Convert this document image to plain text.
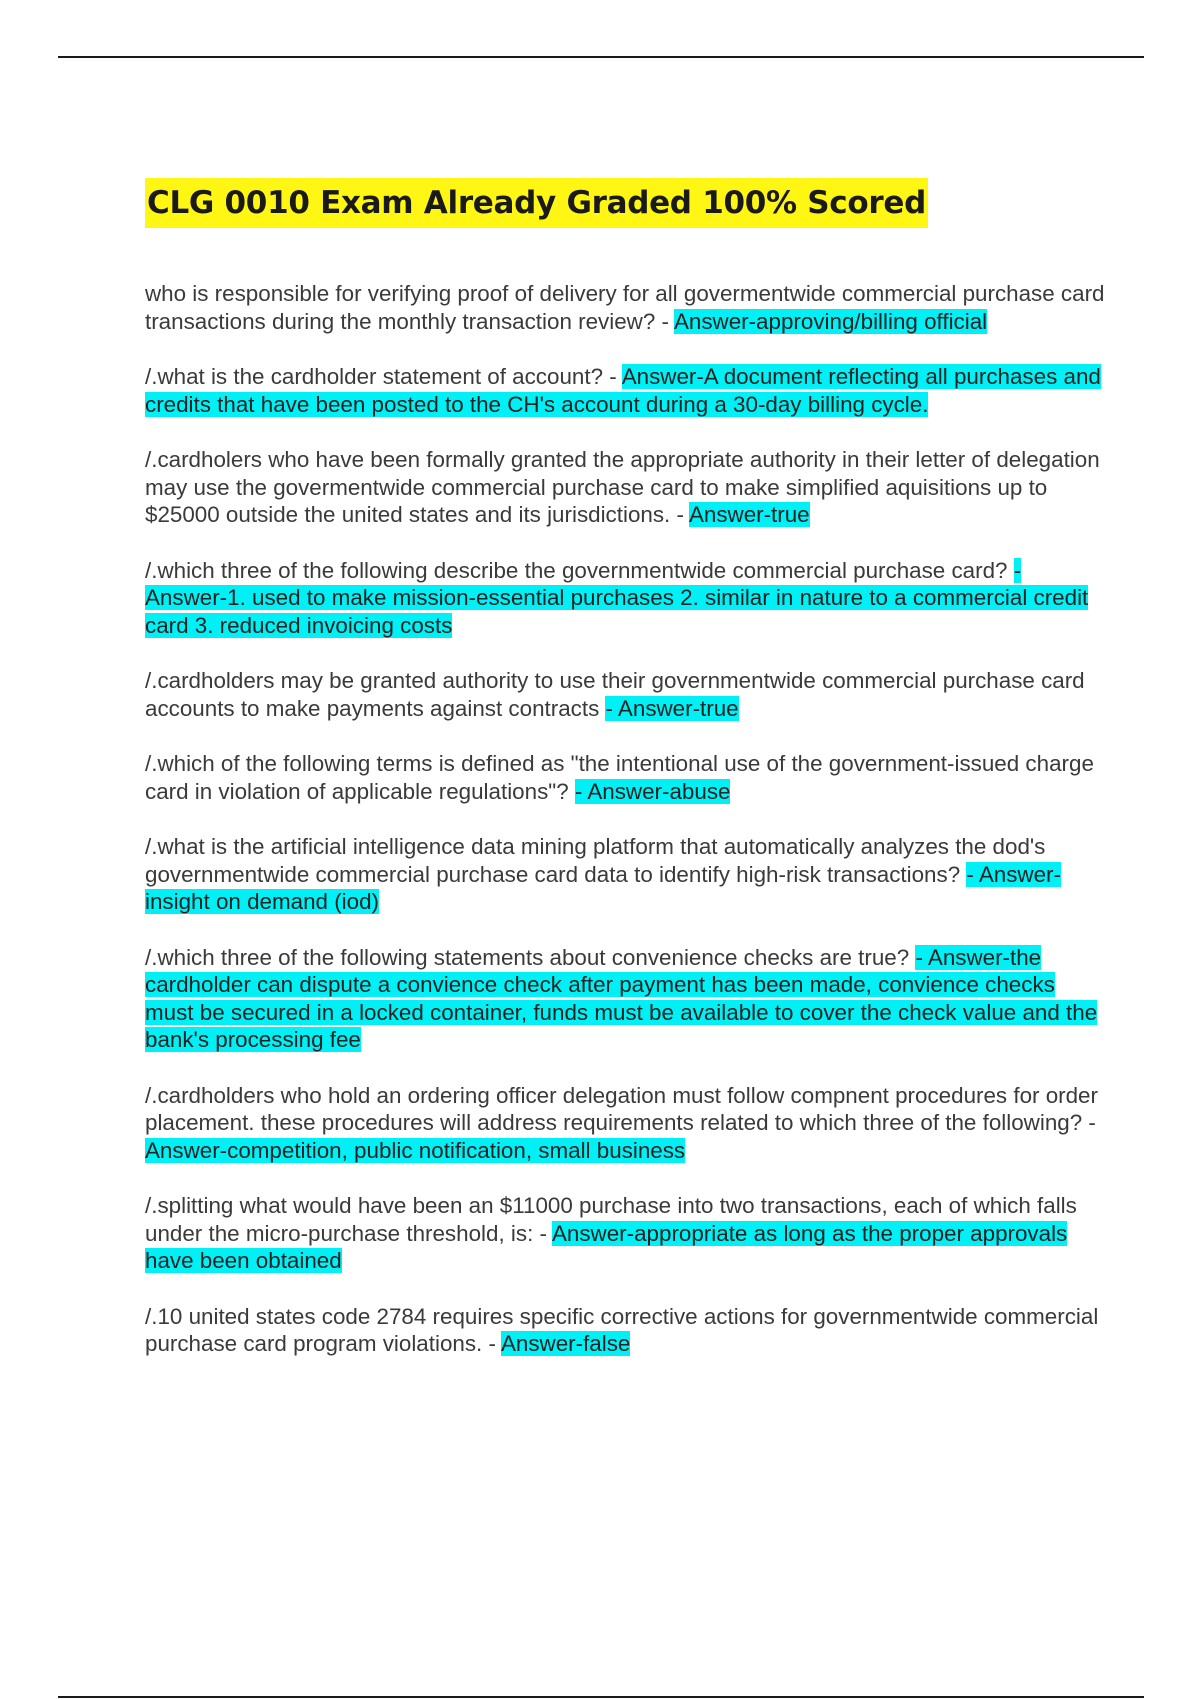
CLG 0010 Exam Already Graded 100% Scored

who is responsible for verifying proof of delivery for all govermentwide commercial purchase card transactions during the monthly transaction review? - Answer-approving/billing official

/.what is the cardholder statement of account? - Answer-A document reflecting all purchases and credits that have been posted to the CH's account during a 30-day billing cycle.

/.cardholers who have been formally granted the appropriate authority in their letter of delegation may use the govermentwide commercial purchase card to make simplified aquisitions up to $25000 outside the united states and its jurisdictions. - Answer-true

/.which three of the following describe the governmentwide commercial purchase card? - Answer-1. used to make mission-essential purchases 2. similar in nature to a commercial credit card 3. reduced invoicing costs

/.cardholders may be granted authority to use their governmentwide commercial purchase card accounts to make payments against contracts - Answer-true

/.which of the following terms is defined as "the intentional use of the government-issued charge card in violation of applicable regulations"? - Answer-abuse

/.what is the artificial intelligence data mining platform that automatically analyzes the dod's governmentwide commercial purchase card data to identify high-risk transactions? - Answer-insight on demand (iod)

/.which three of the following statements about convenience checks are true? - Answer-the cardholder can dispute a convience check after payment has been made, convience checks must be secured in a locked container, funds must be available to cover the check value and the bank's processing fee

/.cardholders who hold an ordering officer delegation must follow compnent procedures for order placement. these procedures will address requirements related to which three of the following? - Answer-competition, public notification, small business

/.splitting what would have been an $11000 purchase into two transactions, each of which falls under the micro-purchase threshold, is: - Answer-appropriate as long as the proper approvals have been obtained

/.10 united states code 2784 requires specific corrective actions for governmentwide commercial purchase card program violations. - Answer-false
